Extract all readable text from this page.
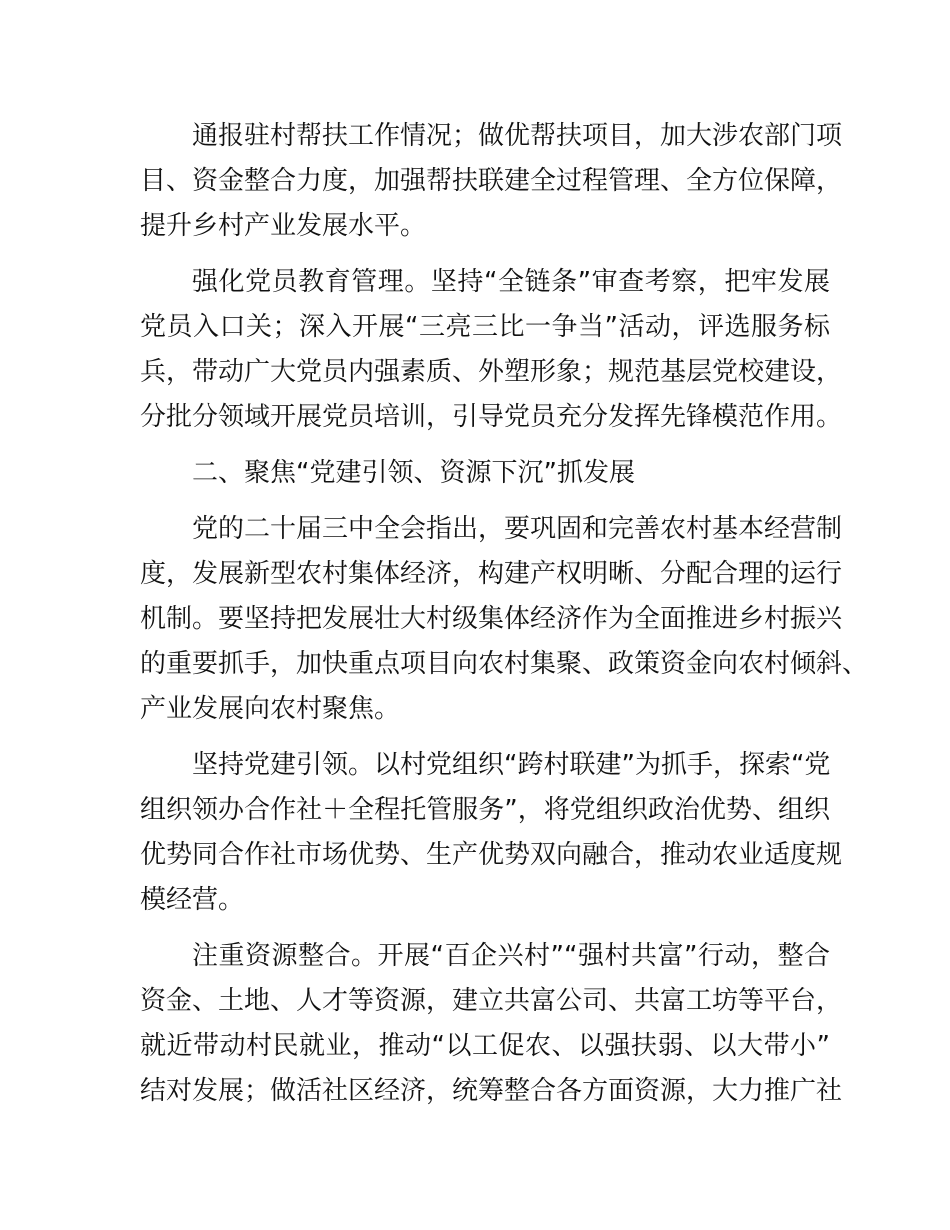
通报驻村帮扶工作情况；做优帮扶项目，加大涉农部门项
目、资金整合力度，加强帮扶联建全过程管理、全方位保障，
提升乡村产业发展水平。
强化党员教育管理。坚持“全链条”审查考察，把牢发展
党员入口关；深入开展“三亮三比一争当”活动，评选服务标
兵，带动广大党员内强素质、外塑形象；规范基层党校建设，
分批分领域开展党员培训，引导党员充分发挥先锋模范作用。
二、聚焦“党建引领、资源下沉”抓发展
党的二十届三中全会指出，要巩固和完善农村基本经营制
度，发展新型农村集体经济，构建产权明晰、分配合理的运行
机制。要坚持把发展壮大村级集体经济作为全面推进乡村振兴
的重要抓手，加快重点项目向农村集聚、政策资金向农村倾斜、
产业发展向农村聚焦。
坚持党建引领。以村党组织“跨村联建”为抓手，探索“党
组织领办合作社＋全程托管服务”，将党组织政治优势、组织
优势同合作社市场优势、生产优势双向融合，推动农业适度规
模经营。
注重资源整合。开展“百企兴村”“强村共富”行动，整合
资金、土地、人才等资源，建立共富公司、共富工坊等平台，
就近带动村民就业，推动“以工促农、以强扶弱、以大带小”
结对发展；做活社区经济，统筹整合各方面资源，大力推广社
